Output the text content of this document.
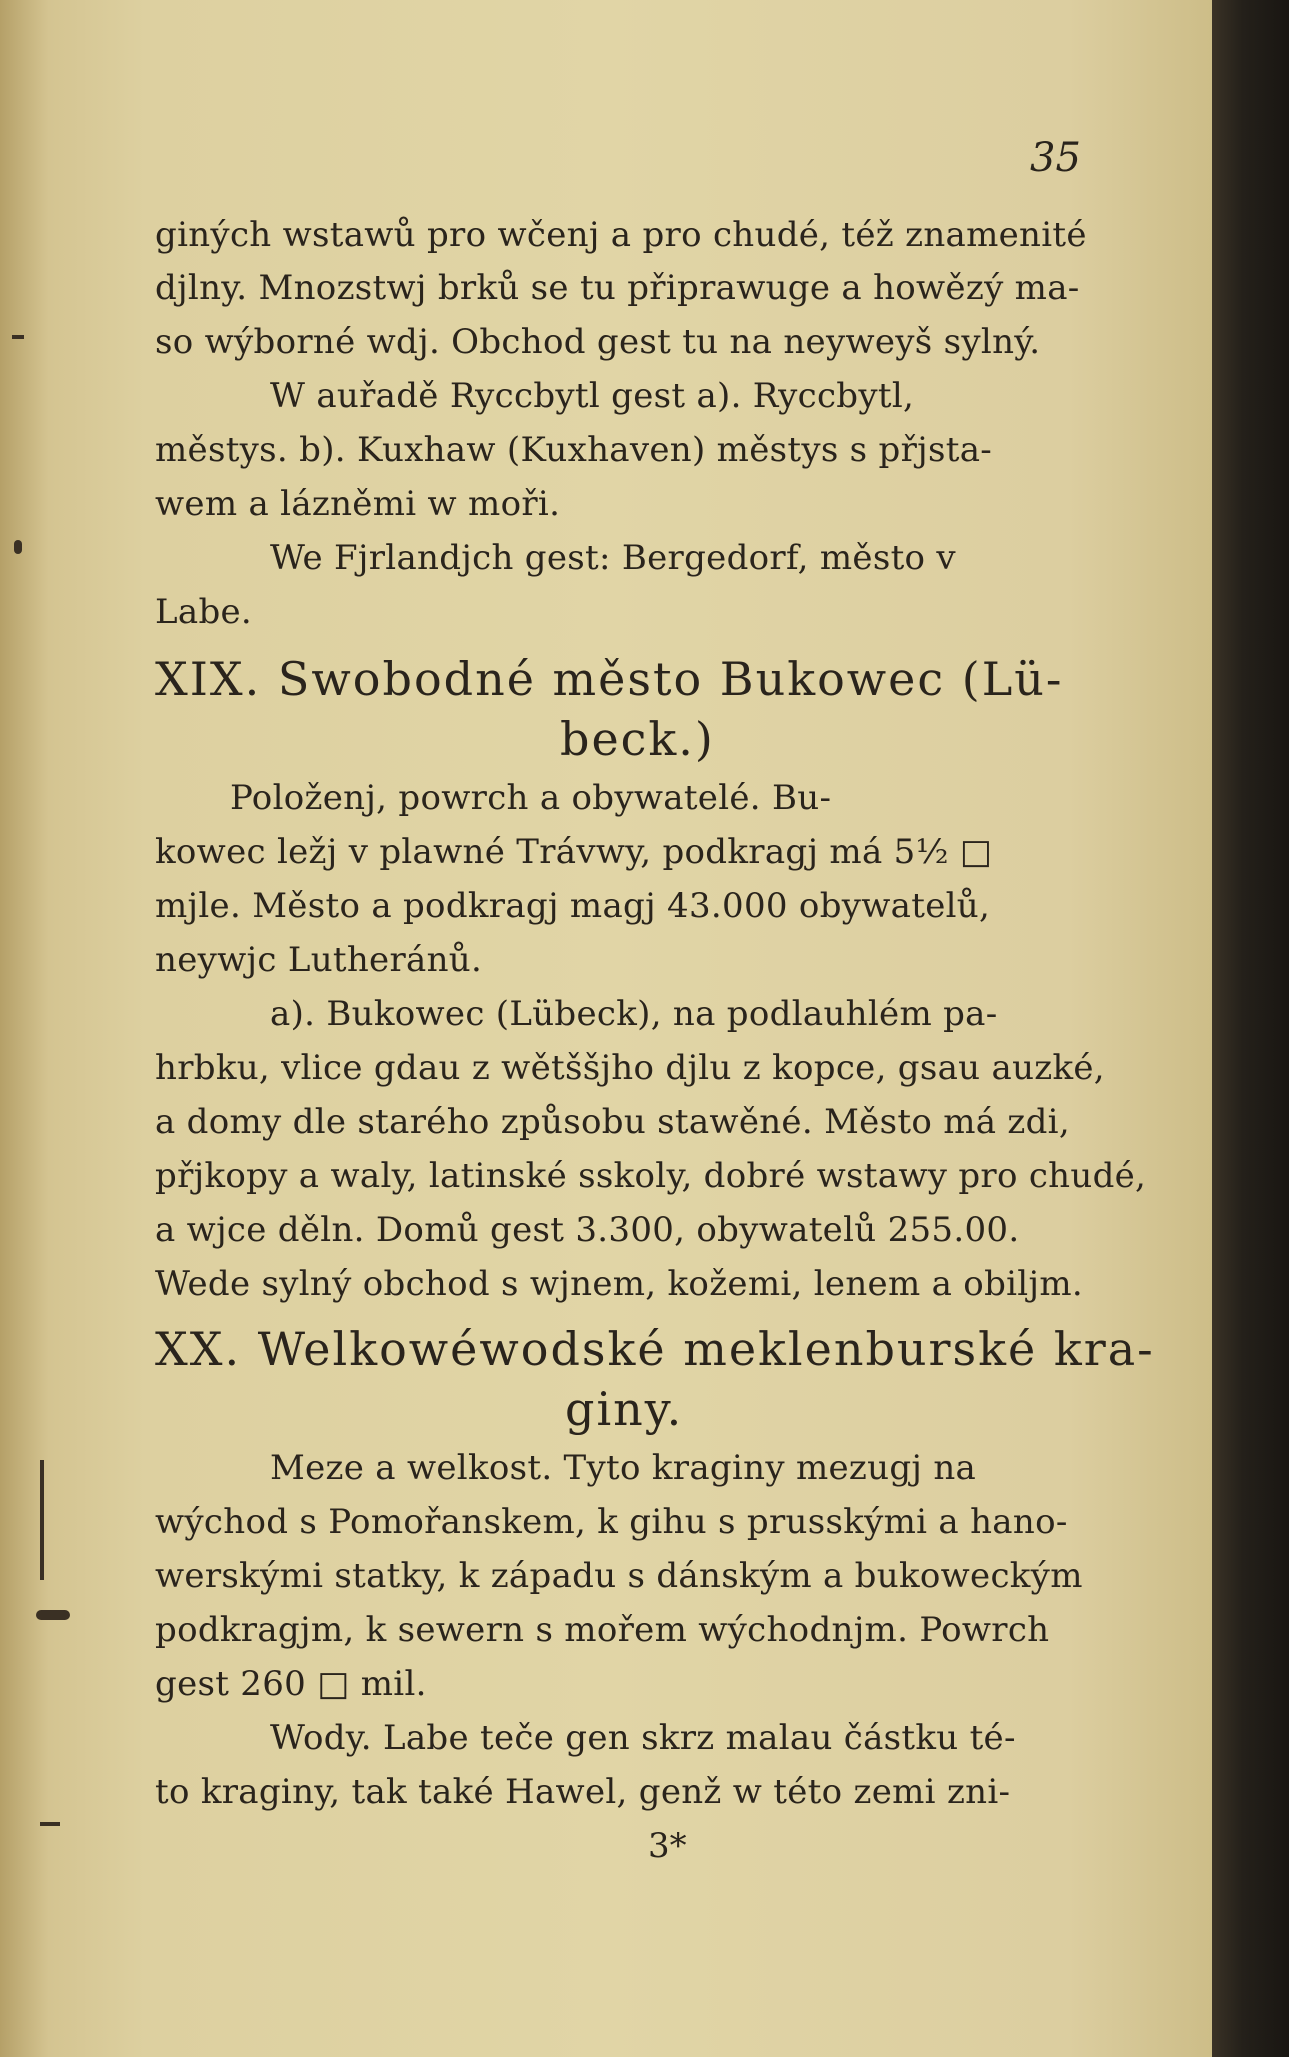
35
giných wstawů pro wčenj a pro chudé, též znamenité
djlny. Mnozstwj brků se tu připrawuge a howězý ma-
so wýborné wdj. Obchod gest tu na neyweyš sylný.
W auřadě Ryccbytl gest a). Ryccbytl,
městys. b). Kuxhaw (Kuxhaven) městys s přjsta-
wem a lázněmi w moři.
We Fjrlandjch gest: Bergedorf, město v
Labe.
XIX. Swobodné město Bukowec (Lü-
beck.)
Položenj, powrch a obywatelé. Bu-
kowec ležj v plawné Trávwy, podkragj má 5½ □
mjle. Město a podkragj magj 43.000 obywatelů,
neywjc Lutheránů.
a). Bukowec (Lübeck), na podlauhlém pa-
hrbku, vlice gdau z wětššjho djlu z kopce, gsau auzké,
a domy dle starého způsobu stawěné. Město má zdi,
přjkopy a waly, latinské sskoly, dobré wstawy pro chudé,
a wjce děln. Domů gest 3.300, obywatelů 255.00.
Wede sylný obchod s wjnem, kožemi, lenem a obiljm.
XX. Welkowéwodské meklenburské kra-
giny.
Meze a welkost. Tyto kraginy mezugj na
wýchod s Pomořanskem, k gihu s prusskými a hano-
werskými statky, k západu s dánským a bukoweckým
podkragjm, k sewern s mořem wýchodnjm. Powrch
gest 260 □ mil.
Wody. Labe teče gen skrz malau částku té-
to kraginy, tak také Hawel, genž w této zemi zni-
3*
